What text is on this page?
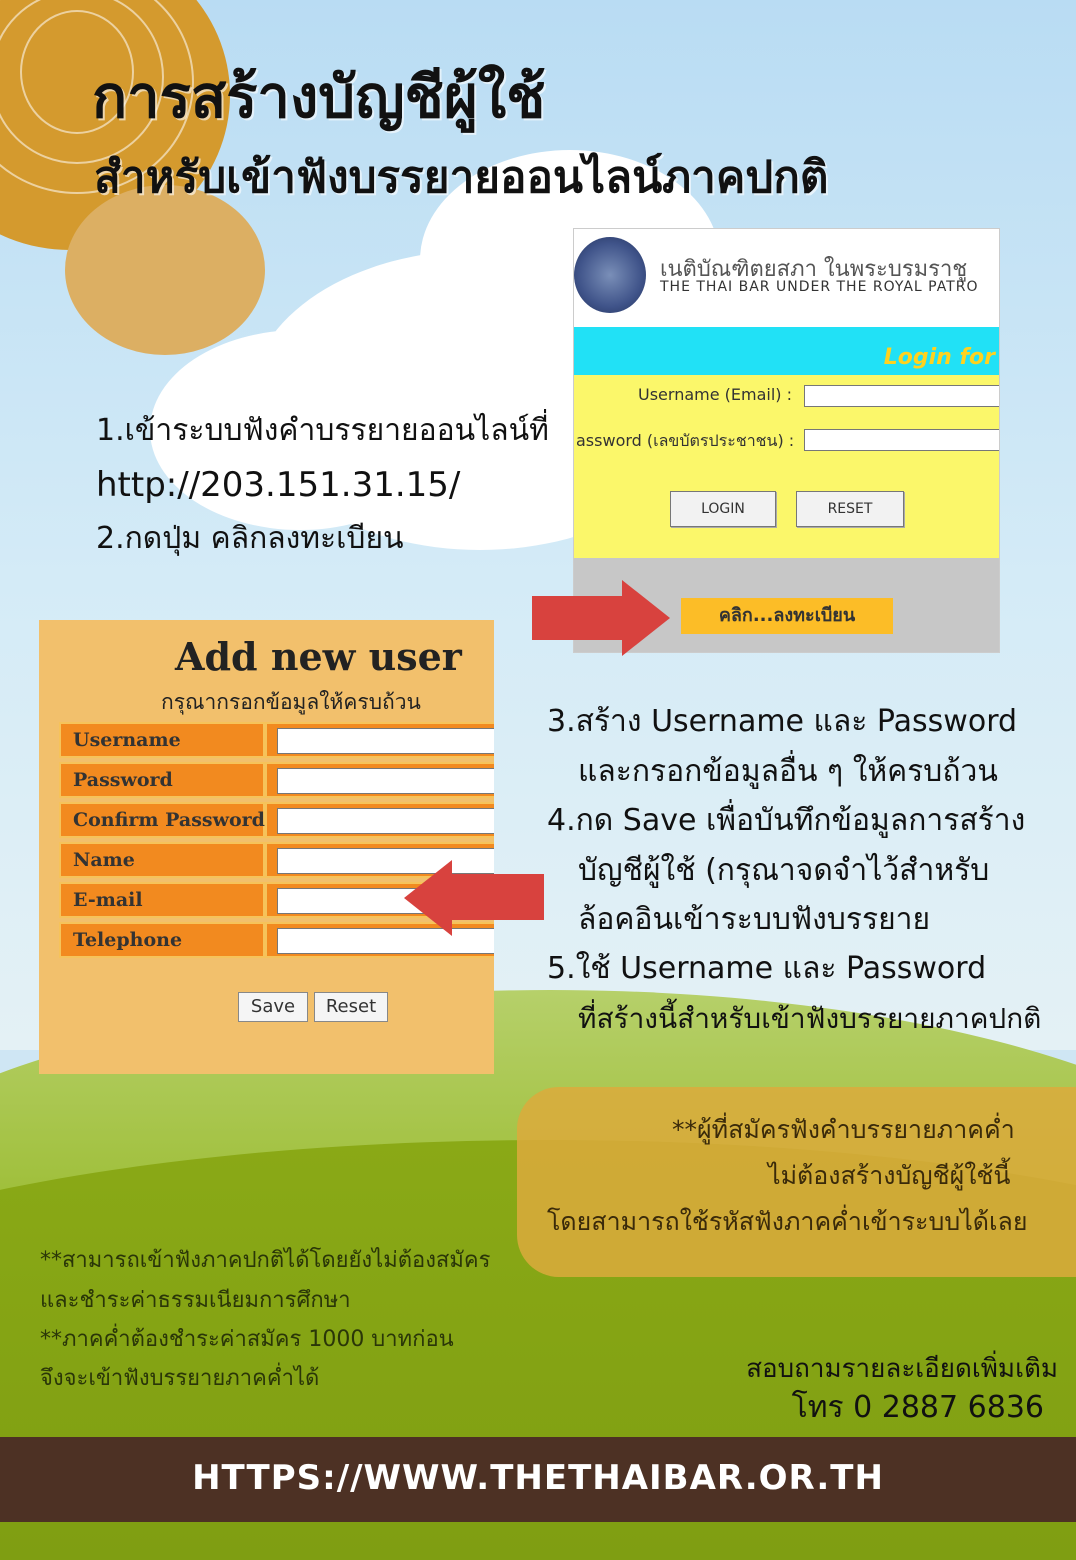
การสร้างบัญชีผู้ใช้
สำหรับเข้าฟังบรรยายออนไลน์ภาคปกติ
1.เข้าระบบฟังคำบรรยายออนไลน์ที่
http://203.151.31.15/
2.กดปุ่ม คลิกลงทะเบียน
เนติบัณฑิตยสภา ในพระบรมราชู
THE THAI BAR UNDER THE ROYAL PATRO
Login for
Username (Email) :
assword (เลขบัตรประชาชน) :
LOGIN	RESET
คลิก...ลงทะเบียน
Add new user
กรุณากรอกข้อมูลให้ครบถ้วน
Username
Password
Confirm Password
Name
E-mail
Telephone
Save	Reset
3.สร้าง Username และ Password
และกรอกข้อมูลอื่น ๆ ให้ครบถ้วน
4.กด Save เพื่อบันทึกข้อมูลการสร้าง
บัญชีผู้ใช้ (กรุณาจดจำไว้สำหรับ
ล้อคอินเข้าระบบฟังบรรยาย
5.ใช้ Username และ Password
ที่สร้างนี้สำหรับเข้าฟังบรรยายภาคปกติ
**ผู้ที่สมัครฟังคำบรรยายภาคค่ำ
ไม่ต้องสร้างบัญชีผู้ใช้นี้
โดยสามารถใช้รหัสฟังภาคค่ำเข้าระบบได้เลย
**สามารถเข้าฟังภาคปกติได้โดยยังไม่ต้องสมัคร
และชำระค่าธรรมเนียมการศึกษา
**ภาคค่ำต้องชำระค่าสมัคร 1000 บาทก่อน
จึงจะเข้าฟังบรรยายภาคค่ำได้	สอบถามรายละเอียดเพิ่มเติม
โทร 0 2887 6836
HTTPS://WWW.THETHAIBAR.OR.TH
